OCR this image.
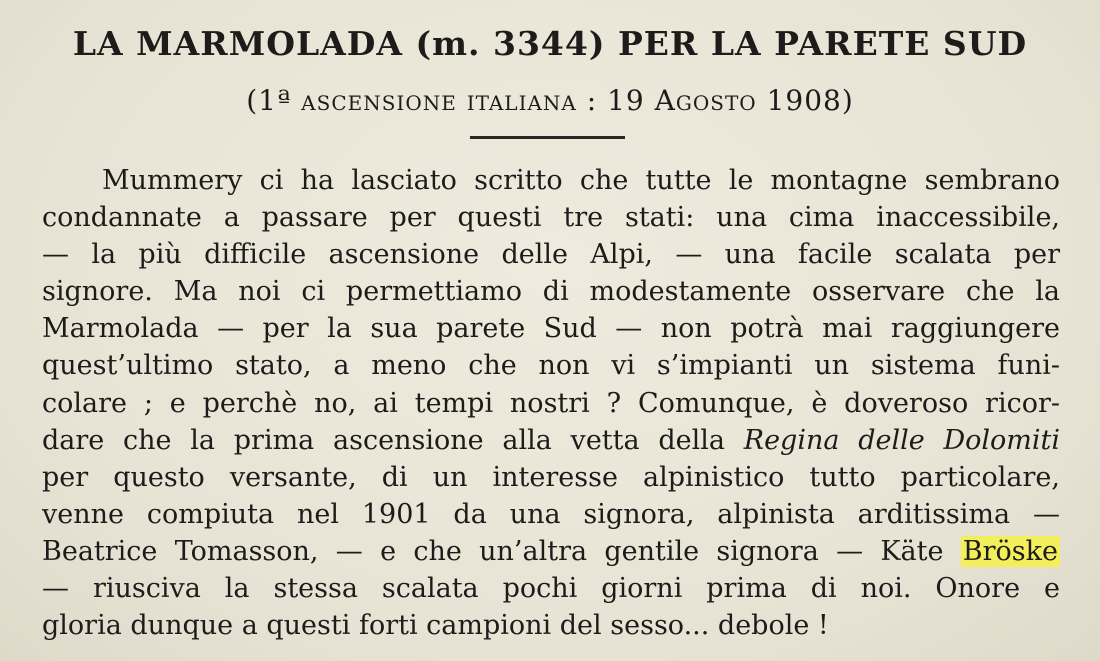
LA MARMOLADA (m. 3344) PER LA PARETE SUD
(1ª ascensione italiana : 19 Agosto 1908)
Mummery ci ha lasciato scritto che tutte le montagne sembrano
condannate a passare per questi tre stati: una cima inaccessibile,
— la più difficile ascensione delle Alpi, — una facile scalata per
signore. Ma noi ci permettiamo di modestamente osservare che la
Marmolada — per la sua parete Sud — non potrà mai raggiungere
quest’ultimo stato, a meno che non vi s’impianti un sistema funi-
colare ; e perchè no, ai tempi nostri ? Comunque, è doveroso ricor-
dare che la prima ascensione alla vetta della Regina delle Dolomiti
per questo versante, di un interesse alpinistico tutto particolare,
venne compiuta nel 1901 da una signora, alpinista arditissima —
Beatrice Tomasson, — e che un’altra gentile signora — Käte Bröske
— riusciva la stessa scalata pochi giorni prima di noi. Onore e
gloria dunque a questi forti campioni del sesso... debole !
